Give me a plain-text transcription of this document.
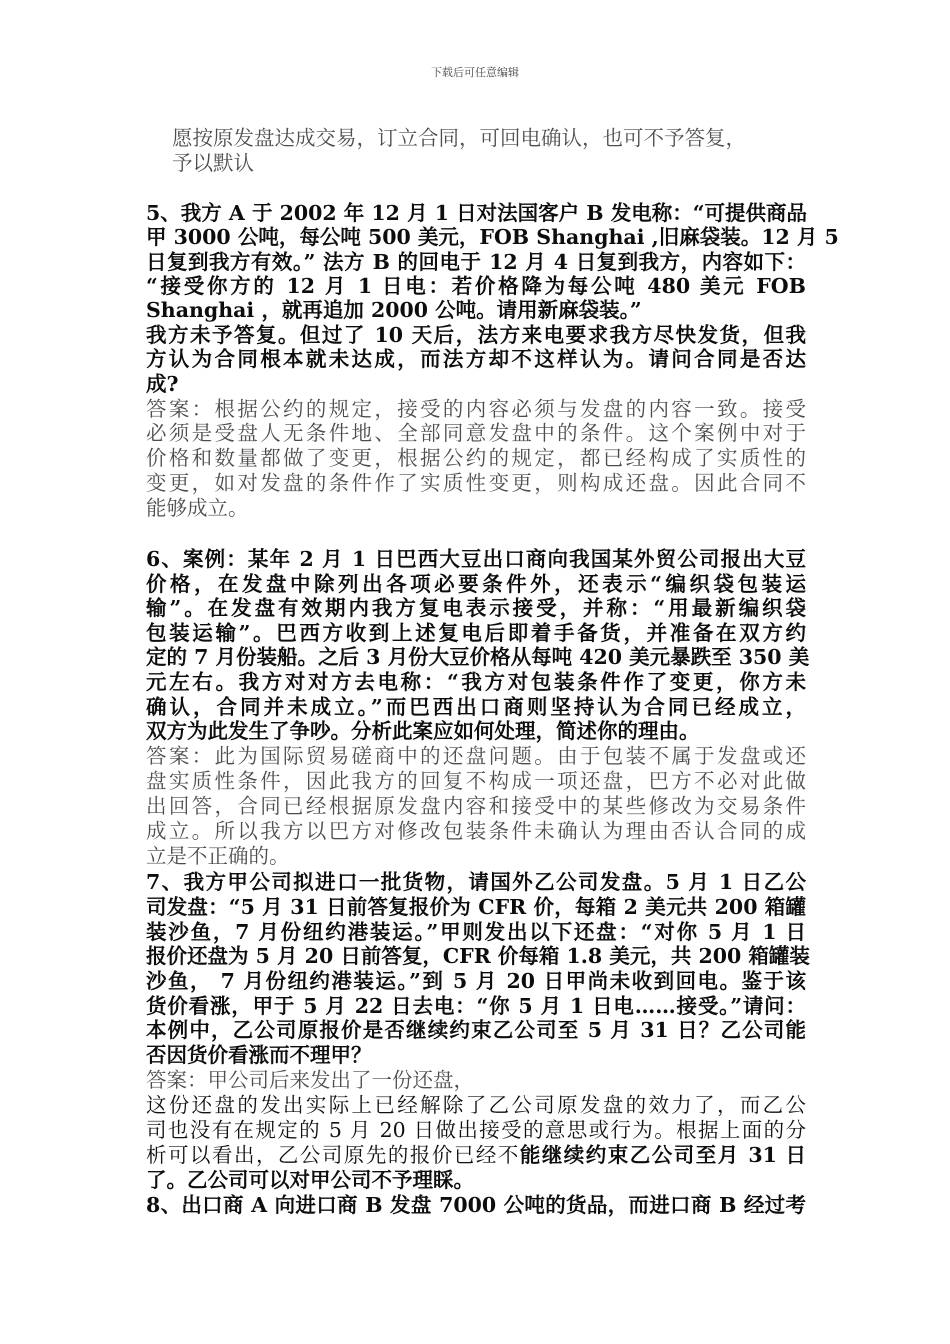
下载后可任意编辑
愿按原发盘达成交易，订立合同，可回电确认，也可不予答复，
予以默认
5、我方 A 于 2002 年 12 月 1 日对法国客户 B 发电称：“可提供商品
甲 3000 公吨，每公吨 500 美元，FOB Shanghai ,旧麻袋装。12 月 5
日复到我方有效。” 法方 B 的回电于 12 月 4 日复到我方，内容如下：
“接受你方的 12 月 1 日电：若价格降为每公吨 480 美元 FOB
Shanghai ，就再追加 2000 公吨。请用新麻袋装。”
我方未予答复。但过了 10 天后，法方来电要求我方尽快发货，但我
方认为合同根本就未达成，而法方却不这样认为。请问合同是否达
成?
答案：根据公约的规定，接受的内容必须与发盘的内容一致。接受
必须是受盘人无条件地、全部同意发盘中的条件。这个案例中对于
价格和数量都做了变更，根据公约的规定，都已经构成了实质性的
变更，如对发盘的条件作了实质性变更，则构成还盘。因此合同不
能够成立。
6、案例：某年 2 月 1 日巴西大豆出口商向我国某外贸公司报出大豆
价格，在发盘中除列出各项必要条件外，还表示“编织袋包装运
输”。在发盘有效期内我方复电表示接受，并称：“用最新编织袋
包装运输”。巴西方收到上述复电后即着手备货，并准备在双方约
定的 7 月份装船。之后 3 月份大豆价格从每吨 420 美元暴跌至 350 美
元左右。我方对对方去电称：“我方对包装条件作了变更，你方未
确认，合同并未成立。”而巴西出口商则坚持认为合同已经成立，
双方为此发生了争吵。分析此案应如何处理，简述你的理由。
答案：此为国际贸易磋商中的还盘问题。由于包装不属于发盘或还
盘实质性条件，因此我方的回复不构成一项还盘，巴方不必对此做
出回答，合同已经根据原发盘内容和接受中的某些修改为交易条件
成立。所以我方以巴方对修改包装条件未确认为理由否认合同的成
立是不正确的。
7、我方甲公司拟进口一批货物，请国外乙公司发盘。5 月 1 日乙公
司发盘：“5 月 31 日前答复报价为 CFR 价，每箱 2 美元共 200 箱罐
装沙鱼，7 月份纽约港装运。”甲则发出以下还盘：“对你 5 月 1 日
报价还盘为 5 月 20 日前答复，CFR 价每箱 1.8 美元，共 200 箱罐装
沙鱼， 7 月份纽约港装运。”到 5 月 20 日甲尚未收到回电。鉴于该
货价看涨，甲于 5 月 22 日去电：“你 5 月 1 日电……接受。”请问：
本例中，乙公司原报价是否继续约束乙公司至 5 月 31 日？乙公司能
否因货价看涨而不理甲？
答案：甲公司后来发出了一份还盘，
这份还盘的发出实际上已经解除了乙公司原发盘的效力了，而乙公
司也没有在规定的 5 月 20 日做出接受的意思或行为。根据上面的分
析可以看出，乙公司原先的报价已经不能继续约束乙公司至月 31 日
了。乙公司可以对甲公司不予理睬。
8、出口商 A 向进口商 B 发盘 7000 公吨的货品，而进口商 B 经过考
